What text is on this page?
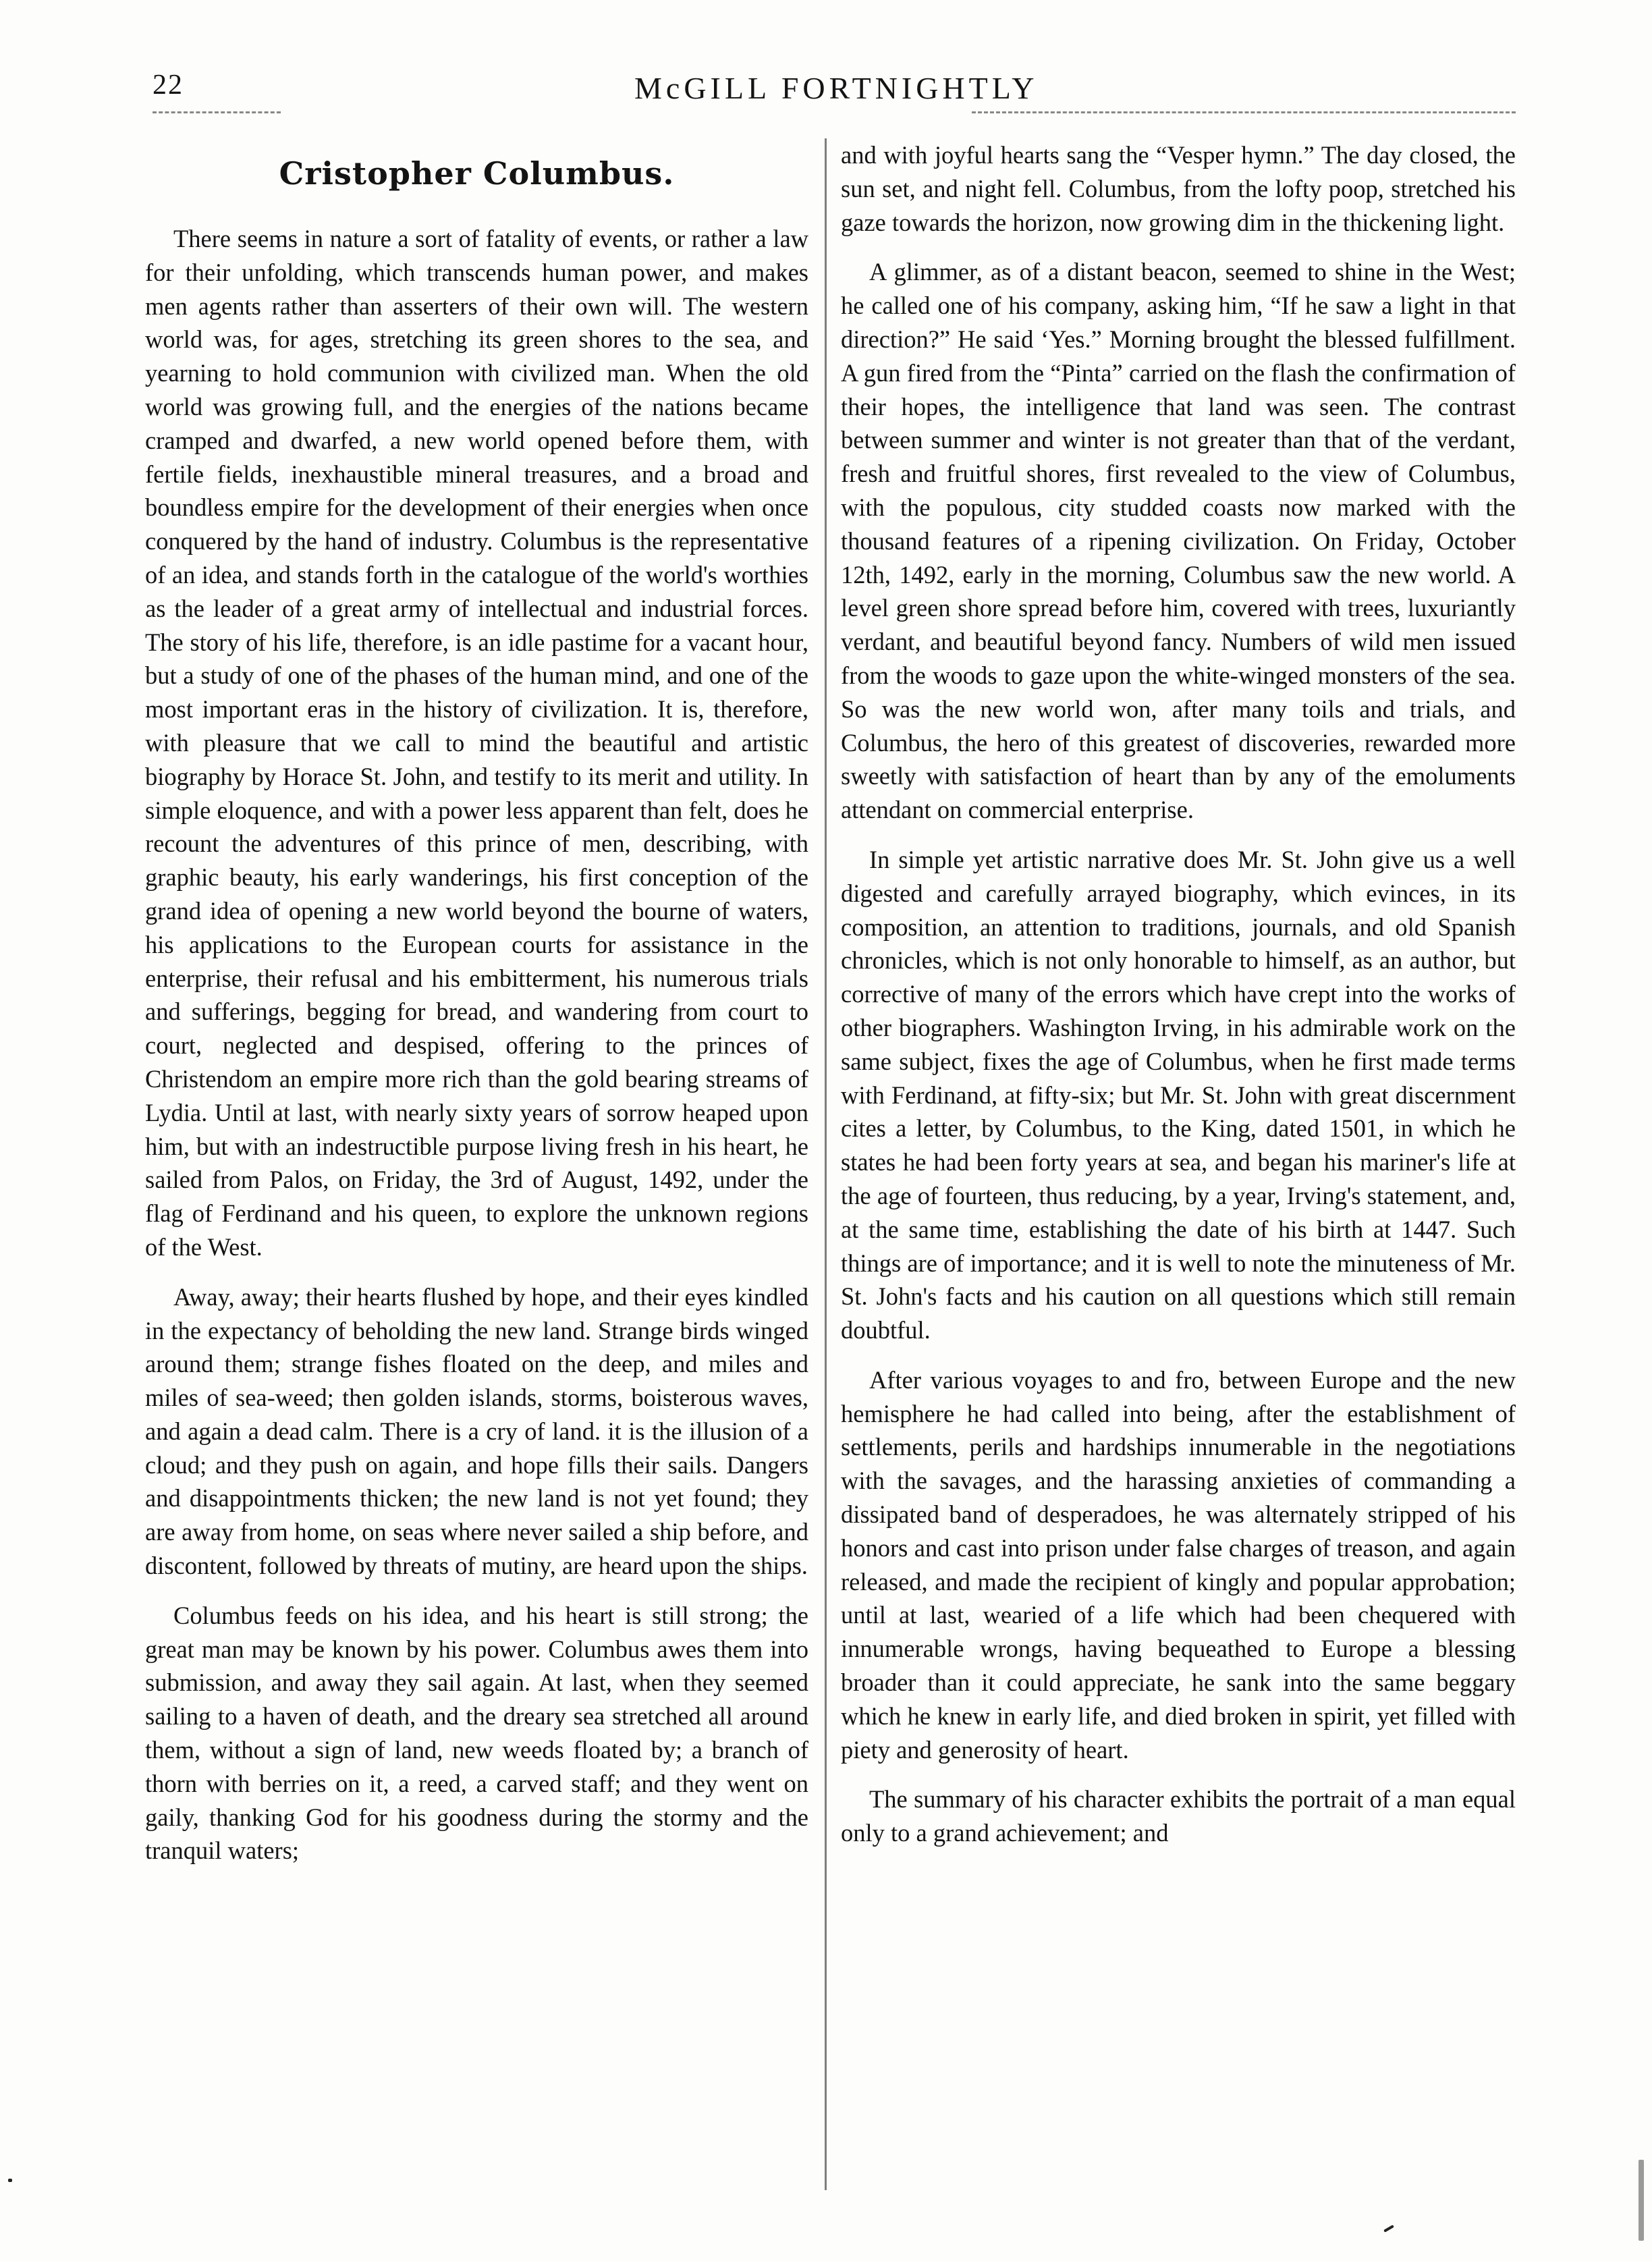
22	McGILL FORTNIGHTLY
Cristopher Columbus.

There seems in nature a sort of fatality of events, or rather a law for their unfolding, which transcends human power, and makes men agents rather than asserters of their own will. The western world was, for ages, stretching its green shores to the sea, and yearning to hold communion with civilized man. When the old world was growing full, and the energies of the nations became cramped and dwarfed, a new world opened before them, with fertile fields, inexhaustible mineral treasures, and a broad and boundless empire for the development of their energies when once conquered by the hand of industry. Columbus is the representative of an idea, and stands forth in the catalogue of the world's worthies as the leader of a great army of intellectual and industrial forces. The story of his life, therefore, is an idle pastime for a vacant hour, but a study of one of the phases of the human mind, and one of the most important eras in the history of civilization. It is, therefore, with pleasure that we call to mind the beautiful and artistic biography by Horace St. John, and testify to its merit and utility. In simple eloquence, and with a power less apparent than felt, does he recount the adventures of this prince of men, describing, with graphic beauty, his early wanderings, his first conception of the grand idea of opening a new world beyond the bourne of waters, his applications to the European courts for assistance in the enterprise, their refusal and his embitterment, his numerous trials and sufferings, begging for bread, and wandering from court to court, neglected and despised, offering to the princes of Christendom an empire more rich than the gold bearing streams of Lydia. Until at last, with nearly sixty years of sorrow heaped upon him, but with an indestructible purpose living fresh in his heart, he sailed from Palos, on Friday, the 3rd of August, 1492, under the flag of Ferdinand and his queen, to explore the unknown regions of the West.

Away, away; their hearts flushed by hope, and their eyes kindled in the expectancy of beholding the new land. Strange birds winged around them; strange fishes floated on the deep, and miles and miles of sea-weed; then golden islands, storms, boisterous waves, and again a dead calm. There is a cry of land. it is the illusion of a cloud; and they push on again, and hope fills their sails. Dangers and disappointments thicken; the new land is not yet found; they are away from home, on seas where never sailed a ship before, and discontent, followed by threats of mutiny, are heard upon the ships.

Columbus feeds on his idea, and his heart is still strong; the great man may be known by his power. Columbus awes them into submission, and away they sail again. At last, when they seemed sailing to a haven of death, and the dreary sea stretched all around them, without a sign of land, new weeds floated by; a branch of thorn with berries on it, a reed, a carved staff; and they went on gaily, thanking God for his goodness during the stormy and the tranquil waters;

and with joyful hearts sang the “Vesper hymn.” The day closed, the sun set, and night fell. Columbus, from the lofty poop, stretched his gaze towards the horizon, now growing dim in the thickening light.

A glimmer, as of a distant beacon, seemed to shine in the West; he called one of his company, asking him, “If he saw a light in that direction?” He said ‘Yes.” Morning brought the blessed fulfillment. A gun fired from the “Pinta” carried on the flash the confirmation of their hopes, the intelligence that land was seen. The contrast between summer and winter is not greater than that of the verdant, fresh and fruitful shores, first revealed to the view of Columbus, with the populous, city studded coasts now marked with the thousand features of a ripening civilization. On Friday, October 12th, 1492, early in the morning, Columbus saw the new world. A level green shore spread before him, covered with trees, luxuriantly verdant, and beautiful beyond fancy. Numbers of wild men issued from the woods to gaze upon the white-winged monsters of the sea. So was the new world won, after many toils and trials, and Columbus, the hero of this greatest of discoveries, rewarded more sweetly with satisfaction of heart than by any of the emoluments attendant on commercial enterprise.

In simple yet artistic narrative does Mr. St. John give us a well digested and carefully arrayed biography, which evinces, in its composition, an attention to traditions, journals, and old Spanish chronicles, which is not only honorable to himself, as an author, but corrective of many of the errors which have crept into the works of other biographers. Washington Irving, in his admirable work on the same subject, fixes the age of Columbus, when he first made terms with Ferdinand, at fifty-six; but Mr. St. John with great discernment cites a letter, by Columbus, to the King, dated 1501, in which he states he had been forty years at sea, and began his mariner's life at the age of fourteen, thus reducing, by a year, Irving's statement, and, at the same time, establishing the date of his birth at 1447. Such things are of importance; and it is well to note the minuteness of Mr. St. John's facts and his caution on all questions which still remain doubtful.

After various voyages to and fro, between Europe and the new hemisphere he had called into being, after the establishment of settlements, perils and hardships innumerable in the negotiations with the savages, and the harassing anxieties of commanding a dissipated band of desperadoes, he was alternately stripped of his honors and cast into prison under false charges of treason, and again released, and made the recipient of kingly and popular approbation; until at last, wearied of a life which had been chequered with innumerable wrongs, having bequeathed to Europe a blessing broader than it could appreciate, he sank into the same beggary which he knew in early life, and died broken in spirit, yet filled with piety and generosity of heart.

The summary of his character exhibits the portrait of a man equal only to a grand achievement; and
